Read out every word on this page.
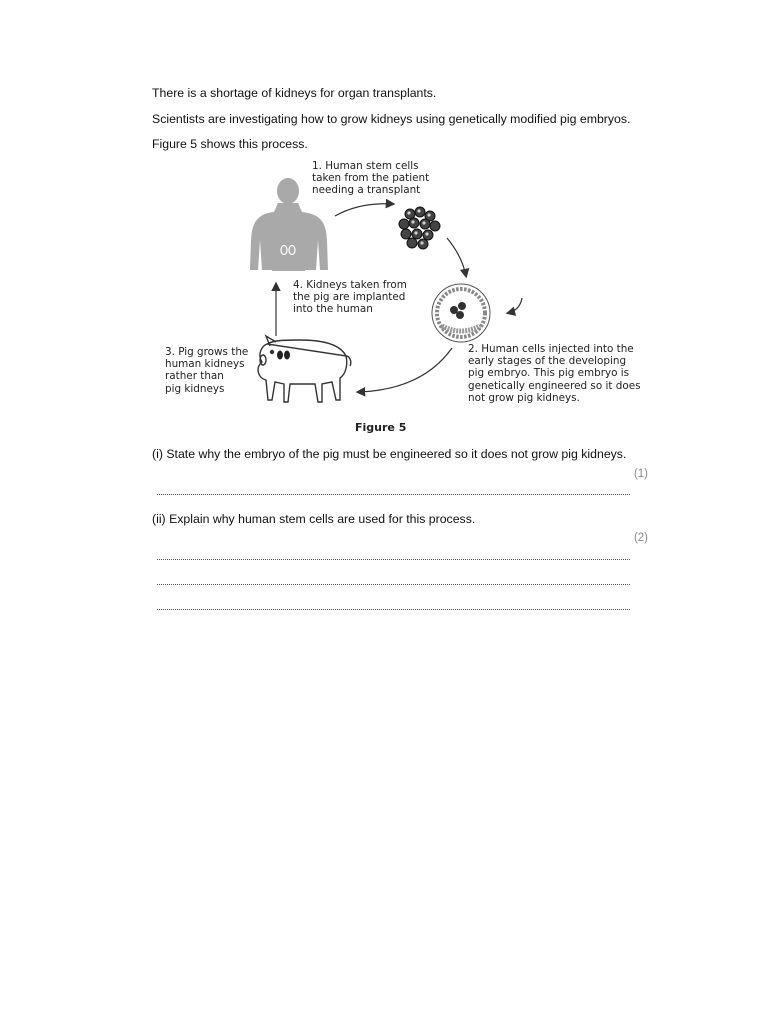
There is a shortage of kidneys for organ transplants.
Scientists are investigating how to grow kidneys using genetically modified pig embryos.
Figure 5 shows this process.
1. Human stem cells
taken from the patient
needing a transplant
4. Kidneys taken from
the pig are implanted
into the human
3. Pig grows the
human kidneys
rather than
pig kidneys
2. Human cells injected into the
early stages of the developing
pig embryo. This pig embryo is
genetically engineered so it does
not grow pig kidneys.
Figure 5
(i) State why the embryo of the pig must be engineered so it does not grow pig kidneys.
(1)
(ii) Explain why human stem cells are used for this process.
(2)
